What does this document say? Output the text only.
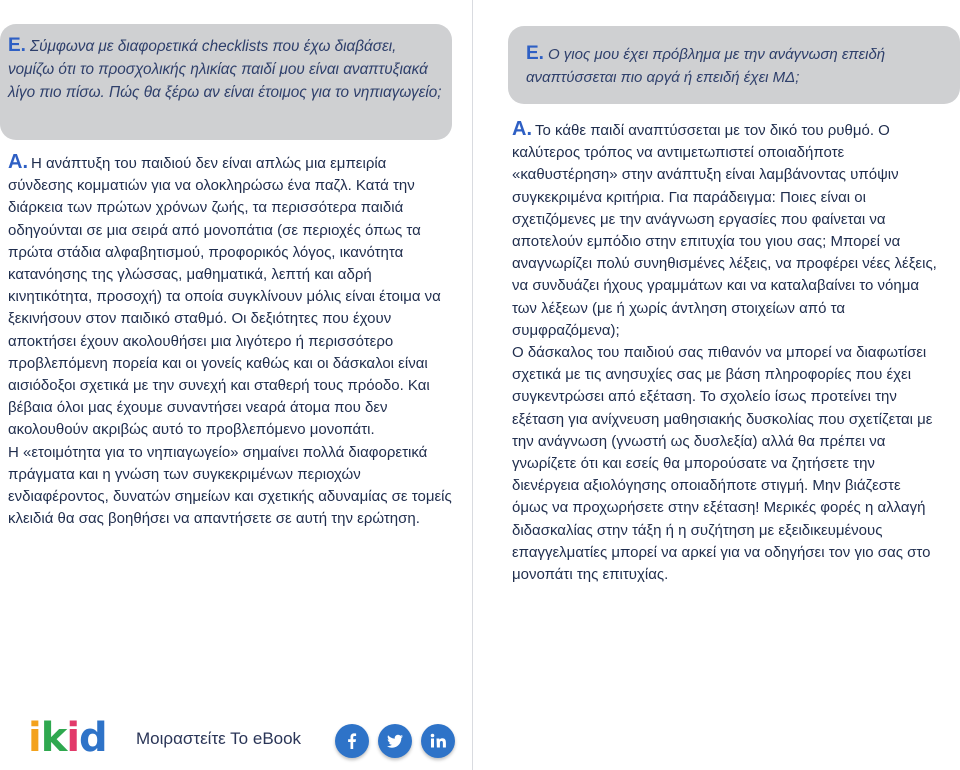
Ε. Σύμφωνα με διαφορετικά checklists που έχω διαβάσει, νομίζω ότι το προσχολικής ηλικίας παιδί μου είναι αναπτυξιακά λίγο πιο πίσω. Πώς θα ξέρω αν είναι έτοιμος για το νηπιαγωγείο;

Α. Η ανάπτυξη του παιδιού δεν είναι απλώς μια εμπειρία σύνδεσης κομματιών για να ολοκληρώσω ένα παζλ. Κατά την διάρκεια των πρώτων χρόνων ζωής, τα περισσότερα παιδιά οδηγούνται σε μια σειρά από μονοπάτια (σε περιοχές όπως τα πρώτα στάδια αλφαβητισμού, προφορικός λόγος, ικανότητα κατανόησης της γλώσσας, μαθηματικά, λεπτή και αδρή κινητικότητα, προσοχή) τα οποία συγκλίνουν μόλις είναι έτοιμα να ξεκινήσουν στον παιδικό σταθμό. Οι δεξιότητες που έχουν αποκτήσει έχουν ακολουθήσει μια λιγότερο ή περισσότερο προβλεπόμενη πορεία και οι γονείς καθώς και οι δάσκαλοι είναι αισιόδοξοι σχετικά με την συνεχή και σταθερή τους πρόοδο. Και βέβαια όλοι μας έχουμε συναντήσει νεαρά άτομα που δεν ακολουθούν ακριβώς αυτό το προβλεπόμενο μονοπάτι.

Η «ετοιμότητα για το νηπιαγωγείο» σημαίνει πολλά διαφορετικά πράγματα και η γνώση των συγκεκριμένων περιοχών ενδιαφέροντος, δυνατών σημείων και σχετικής αδυναμίας σε τομείς κλειδιά θα σας βοηθήσει να απαντήσετε σε αυτή την ερώτηση.

Ε. Ο γιος μου έχει πρόβλημα με την ανάγνωση επειδή αναπτύσσεται πιο αργά ή επειδή έχει ΜΔ;

Α. Το κάθε παιδί αναπτύσσεται με τον δικό του ρυθμό. Ο καλύτερος τρόπος να αντιμετωπιστεί οποιαδήποτε «καθυστέρηση» στην ανάπτυξη είναι λαμβάνοντας υπόψιν συγκεκριμένα κριτήρια. Για παράδειγμα: Ποιες είναι οι σχετιζόμενες με την ανάγνωση εργασίες που φαίνεται να αποτελούν εμπόδιο στην επιτυχία του γιου σας; Μπορεί να αναγνωρίζει πολύ συνηθισμένες λέξεις, να προφέρει νέες λέξεις, να συνδυάζει ήχους γραμμάτων και να καταλαβαίνει το νόημα των λέξεων (με ή χωρίς άντληση στοιχείων από τα συμφραζόμενα);

Ο δάσκαλος του παιδιού σας πιθανόν να μπορεί να διαφωτίσει σχετικά με τις ανησυχίες σας με βάση πληροφορίες που έχει συγκεντρώσει από εξέταση. Το σχολείο ίσως προτείνει την εξέταση για ανίχνευση μαθησιακής δυσκολίας που σχετίζεται με την ανάγνωση (γνωστή ως δυσλεξία) αλλά θα πρέπει να γνωρίζετε ότι και εσείς θα μπορούσατε να ζητήσετε την διενέργεια αξιολόγησης οποιαδήποτε στιγμή. Μην βιάζεστε όμως να προχωρήσετε στην εξέταση! Μερικές φορές η αλλαγή διδασκαλίας στην τάξη ή η συζήτηση με εξειδικευμένους επαγγελματίες μπορεί να αρκεί για να οδηγήσει τον γιο σας στο μονοπάτι της επιτυχίας.

ikid Μοιραστείτε Το eBook
